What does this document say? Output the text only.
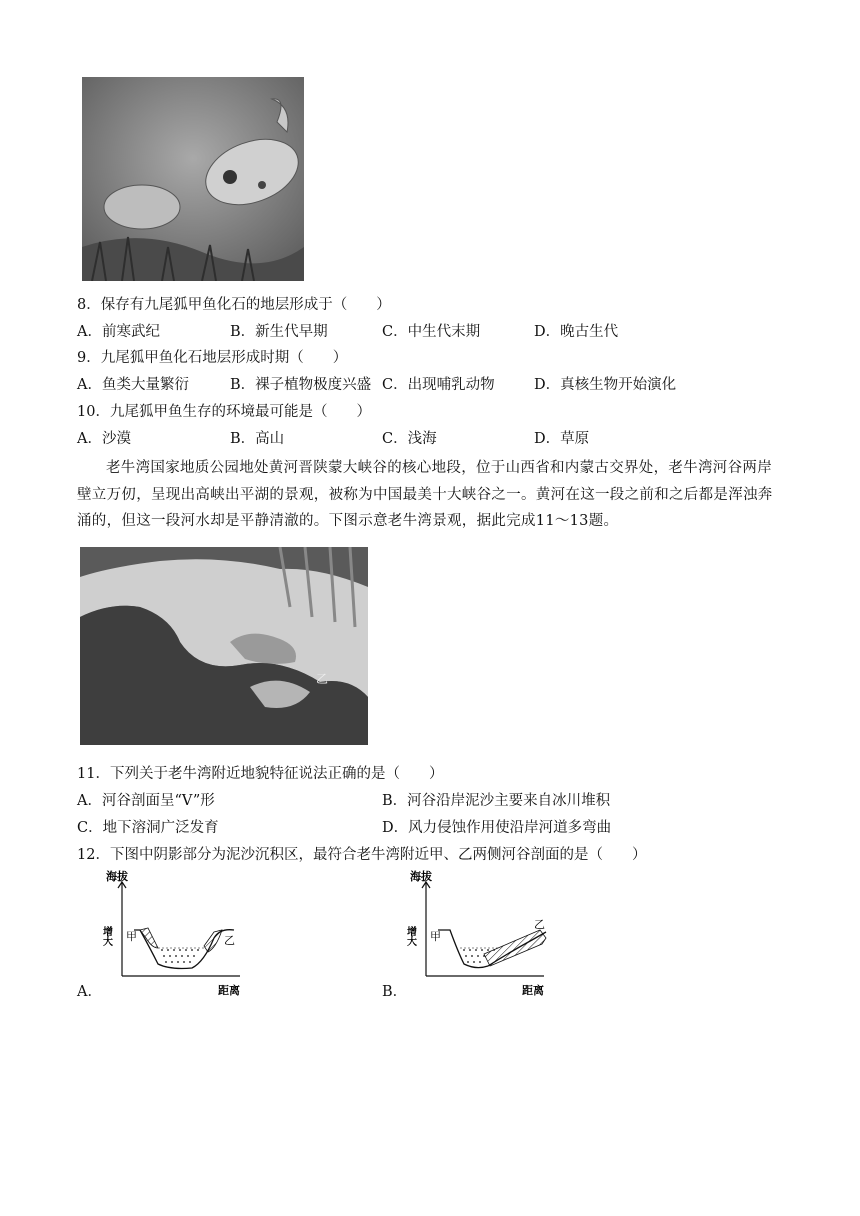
8．保存有九尾狐甲鱼化石的地层形成于（　　）
A．前寒武纪	B．新生代早期	C．中生代末期	D．晚古生代
9．九尾狐甲鱼化石地层形成时期（　　）
A．鱼类大量繁衍	B．裸子植物极度兴盛 C．出现哺乳动物	D．真核生物开始演化
10．九尾狐甲鱼生存的环境最可能是（　　）
A．沙漠	B．高山	C．浅海	D．草原
老牛湾国家地质公园地处黄河晋陕蒙大峡谷的核心地段，位于山西省和内蒙古交界处，老牛湾河谷两岸壁立万仞，呈现出高峡出平湖的景观，被称为中国最美十大峡谷之一。黄河在这一段之前和之后都是浑浊奔涌的，但这一段河水却是平静清澈的。下图示意老牛湾景观，据此完成11～13题。
乙
11．下列关于老牛湾附近地貌特征说法正确的是（　　）
A．河谷剖面呈“V”形	B．河谷沿岸泥沙主要来自冰川堆积
C．地下溶洞广泛发育	D．风力侵蚀作用使沿岸河道多弯曲
12．下图中阴影部分为泥沙沉积区，最符合老牛湾附近甲、乙两侧河谷剖面的是（　　）
海拔
增大 甲	乙
距离
A．
海拔
增大 甲
乙
距离
B．
